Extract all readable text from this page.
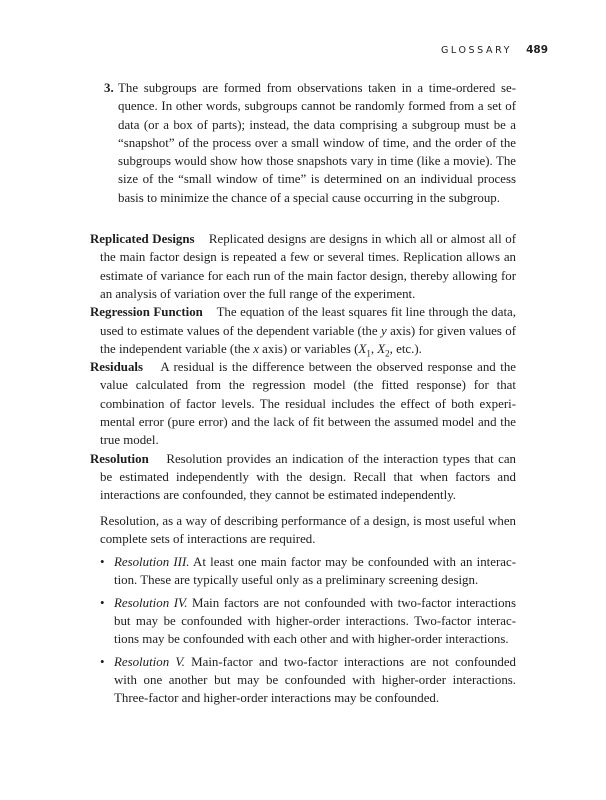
GLOSSARY 489
3. The subgroups are formed from observations taken in a time-ordered sequence. In other words, subgroups cannot be randomly formed from a set of data (or a box of parts); instead, the data comprising a subgroup must be a “snapshot” of the process over a small window of time, and the order of the subgroups would show how those snapshots vary in time (like a movie). The size of the “small window of time” is determined on an individual process basis to minimize the chance of a special cause occurring in the subgroup.

Replicated Designs Replicated designs are designs in which all or almost all of the main factor design is repeated a few or several times. Replication allows an estimate of variance for each run of the main factor design, thereby allowing for an analysis of variation over the full range of the experiment.

Regression Function The equation of the least squares fit line through the data, used to estimate values of the dependent variable (the y axis) for given values of the independent variable (the x axis) or variables ($X_1$, $X_2$, etc.).

Residuals A residual is the difference between the observed response and the value calculated from the regression model (the fitted response) for that combination of factor levels. The residual includes the effect of both experimental error (pure error) and the lack of fit between the assumed model and the true model.

Resolution Resolution provides an indication of the interaction types that can be estimated independently with the design. Recall that when factors and interactions are confounded, they cannot be estimated independently.

Resolution, as a way of describing performance of a design, is most useful when complete sets of interactions are required.

• Resolution III. At least one main factor may be confounded with an interaction. These are typically useful only as a preliminary screening design.
• Resolution IV. Main factors are not confounded with two-factor interactions but may be confounded with higher-order interactions. Two-factor interactions may be confounded with each other and with higher-order interactions.
• Resolution V. Main-factor and two-factor interactions are not confounded with one another but may be confounded with higher-order interactions. Three-factor and higher-order interactions may be confounded.
